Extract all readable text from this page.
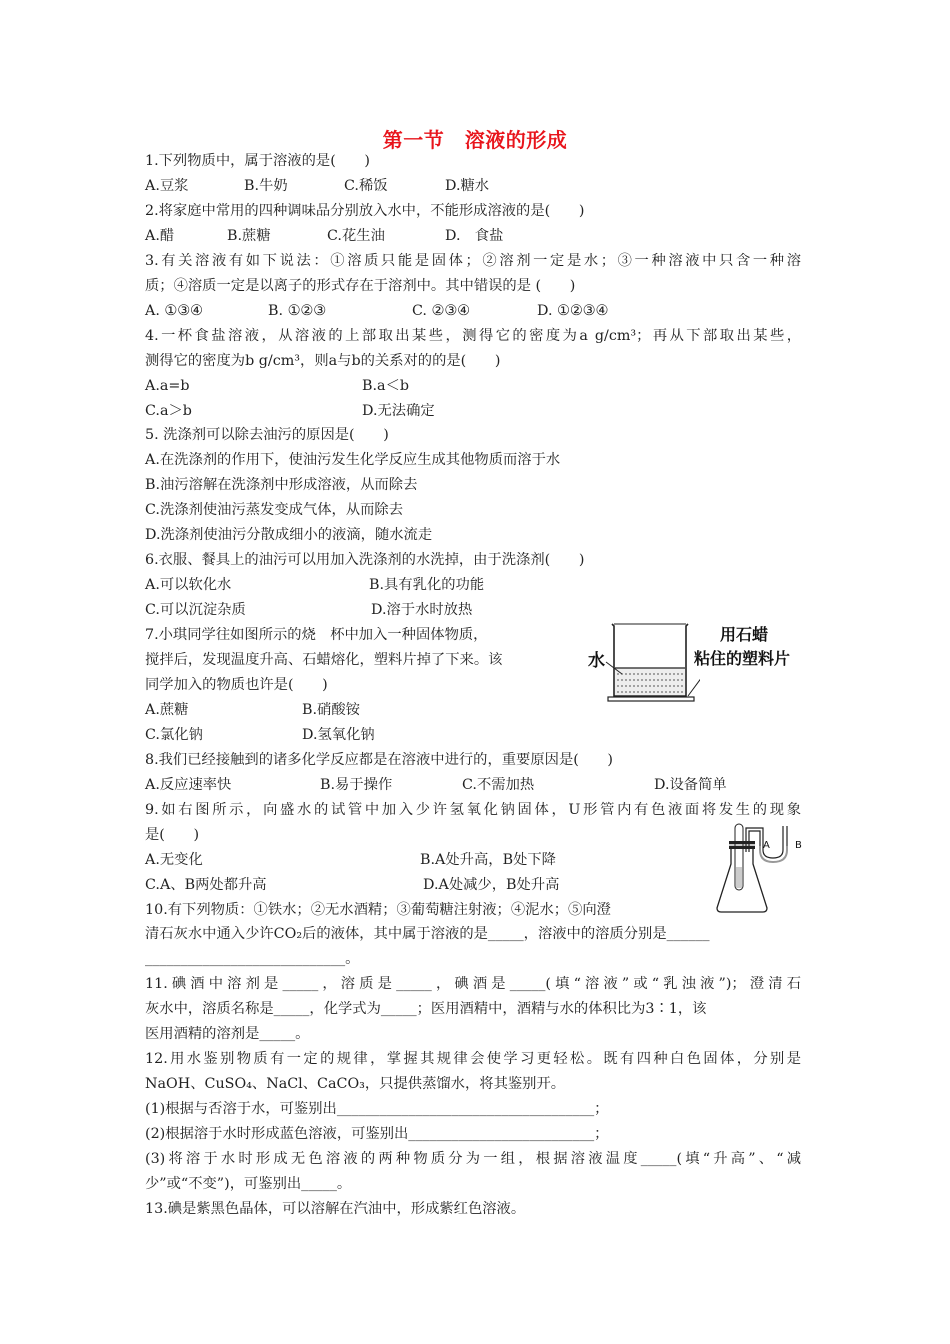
第一节　溶液的形成
1.下列物质中，属于溶液的是(　　)
A.豆浆	B.牛奶	C.稀饭	D.糖水
2.将家庭中常用的四种调味品分别放入水中，不能形成溶液的是(　　)
A.醋	B.蔗糖	C.花生油	D.　食盐
3.有关溶液有如下说法：①溶质只能是固体；②溶剂一定是水；③一种溶液中只含一种溶
质；④溶质一定是以离子的形式存在于溶剂中。其中错误的是 (　　)
A. ①③④	B. ①②③	C. ②③④	D. ①②③④
4.一杯食盐溶液，从溶液的上部取出某些，测得它的密度为a g/cm³；再从下部取出某些，
测得它的密度为b g/cm³，则a与b的关系对的的是(　　)
A.a=b	B.a＜b
C.a＞b	D.无法确定
5. 洗涤剂可以除去油污的原因是(　　)
A.在洗涤剂的作用下，使油污发生化学反应生成其他物质而溶于水
B.油污溶解在洗涤剂中形成溶液，从而除去
C.洗涤剂使油污蒸发变成气体，从而除去
D.洗涤剂使油污分散成细小的液滴，随水流走
6.衣服、餐具上的油污可以用加入洗涤剂的水洗掉，由于洗涤剂(　　)
A.可以软化水	B.具有乳化的功能
C.可以沉淀杂质	D.溶于水时放热
7.小琪同学往如图所示的烧　杯中加入一种固体物质，
搅拌后，发现温度升高、石蜡熔化，塑料片掉了下来。该
同学加入的物质也许是(　　)
A.蔗糖	B.硝酸铵
C.氯化钠	D.氢氧化钠
8.我们已经接触到的诸多化学反应都是在溶液中进行的，重要原因是(　　)
A.反应速率快	B.易于操作	C.不需加热	D.设备简单
9.如右图所示，向盛水的试管中加入少许氢氧化钠固体，U形管内有色液面将发生的现象
是(　　)
A.无变化	B.A处升高，B处下降
C.A、B两处都升高	D.A处减少，B处升高
10.有下列物质：①铁水；②无水酒精；③葡萄糖注射液；④泥水；⑤向澄
清石灰水中通入少许CO₂后的液体，其中属于溶液的是_____，溶液中的溶质分别是______
____________________________。
11.碘酒中溶剂是_____，溶质是_____，碘酒是_____(填“溶液”或“乳浊液”)；澄清石
灰水中，溶质名称是_____，化学式为_____；医用酒精中，酒精与水的体积比为3∶1，该
医用酒精的溶剂是_____。
12.用水鉴别物质有一定的规律，掌握其规律会使学习更轻松。既有四种白色固体，分别是
NaOH、CuSO₄、NaCl、CaCO₃，只提供蒸馏水，将其鉴别开。
(1)根据与否溶于水，可鉴别出____________________________________；
(2)根据溶于水时形成蓝色溶液，可鉴别出__________________________；
(3)将溶于水时形成无色溶液的两种物质分为一组，根据溶液温度_____(填“升高”、“减
少”或“不变”)，可鉴别出_____。
13.碘是紫黑色晶体，可以溶解在汽油中，形成紫红色溶液。
水
用石蜡
粘住的塑料片
A	B
